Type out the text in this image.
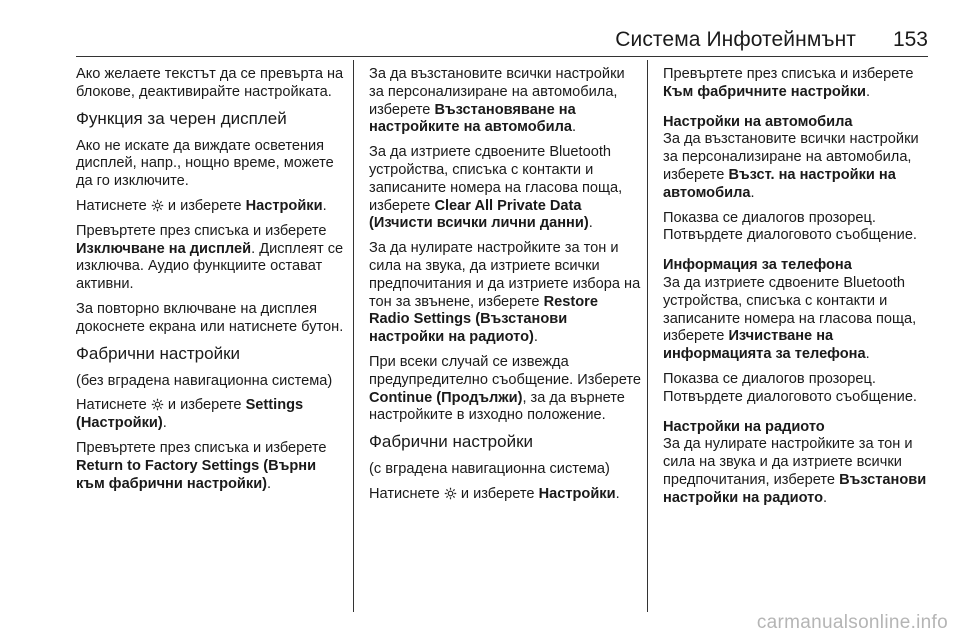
Система Инфотейнмънт 153

Ако желаете текстът да се превърта на блокове, деактивирайте настройката.

Функция за черен дисплей

Ако не искате да виждате осветения дисплей, напр., нощно време, можете да го изключите.

Натиснете и изберете Настройки.

Превъртете през списъка и изберете Изключване на дисплей. Дисплеят се изключва. Аудио функциите остават активни.

За повторно включване на дисплея докоснете екрана или натиснете бутон.

Фабрични настройки

(без вградена навигационна система)

Натиснете и изберете Settings (Настройки).

Превъртете през списъка и изберете Return to Factory Settings (Върни към фабрични настройки).

За да възстановите всички настройки за персонализиране на автомобила, изберете Възстановяване на настройките на автомобила.

За да изтриете сдвоените Bluetooth устройства, списъка с контакти и записаните номера на гласова поща, изберете Clear All Private Data (Изчисти всички лични данни).

За да нулирате настройките за тон и сила на звука, да изтриете всички предпочитания и да изтриете избора на тон за звънене, изберете Restore Radio Settings (Възстанови настройки на радиото).

При всеки случай се извежда предупредително съобщение. Изберете Continue (Продължи), за да върнете настройките в изходно положение.

Фабрични настройки

(с вградена навигационна система)

Натиснете и изберете Настройки.

Превъртете през списъка и изберете Към фабричните настройки.

Настройки на автомобила

За да възстановите всички настройки за персонализиране на автомобила, изберете Възст. на настройки на автомобила.

Показва се диалогов прозорец. Потвърдете диалоговото съобщение.

Информация за телефона

За да изтриете сдвоените Bluetooth устройства, списъка с контакти и записаните номера на гласова поща, изберете Изчистване на информацията за телефона.

Показва се диалогов прозорец. Потвърдете диалоговото съобщение.

Настройки на радиото

За да нулирате настройките за тон и сила на звука и да изтриете всички предпочитания, изберете Възстанови настройки на радиото.

carmanualsonline.info
